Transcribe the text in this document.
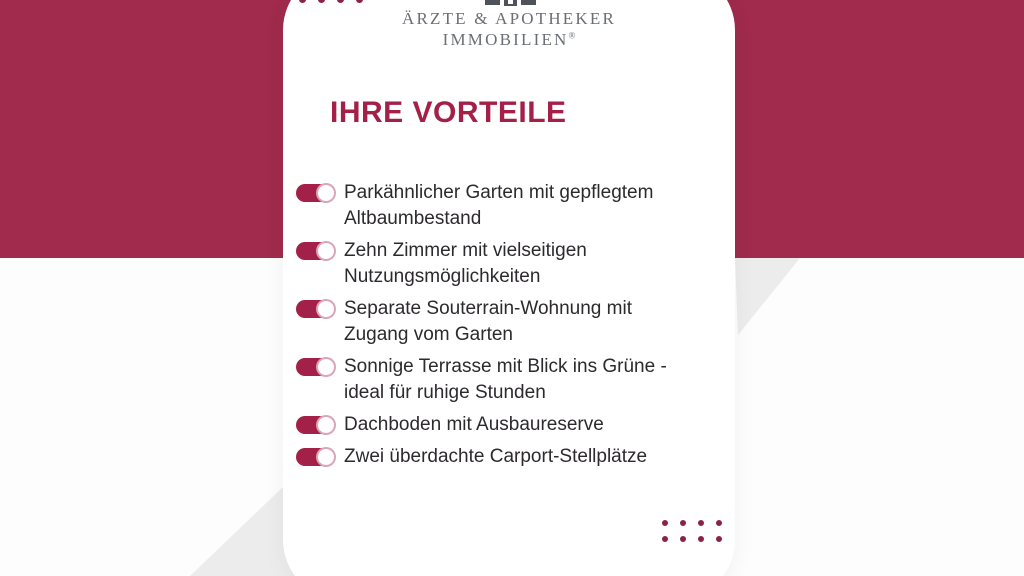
ÄRZTE & APOTHEKER
IMMOBILIEN®
IHRE VORTEILE
Parkähnlicher Garten mit gepflegtem
Altbaumbestand
Zehn Zimmer mit vielseitigen
Nutzungsmöglichkeiten
Separate Souterrain-Wohnung mit
Zugang vom Garten
Sonnige Terrasse mit Blick ins Grüne -
ideal für ruhige Stunden
Dachboden mit Ausbaureserve
Zwei überdachte Carport-Stellplätze
